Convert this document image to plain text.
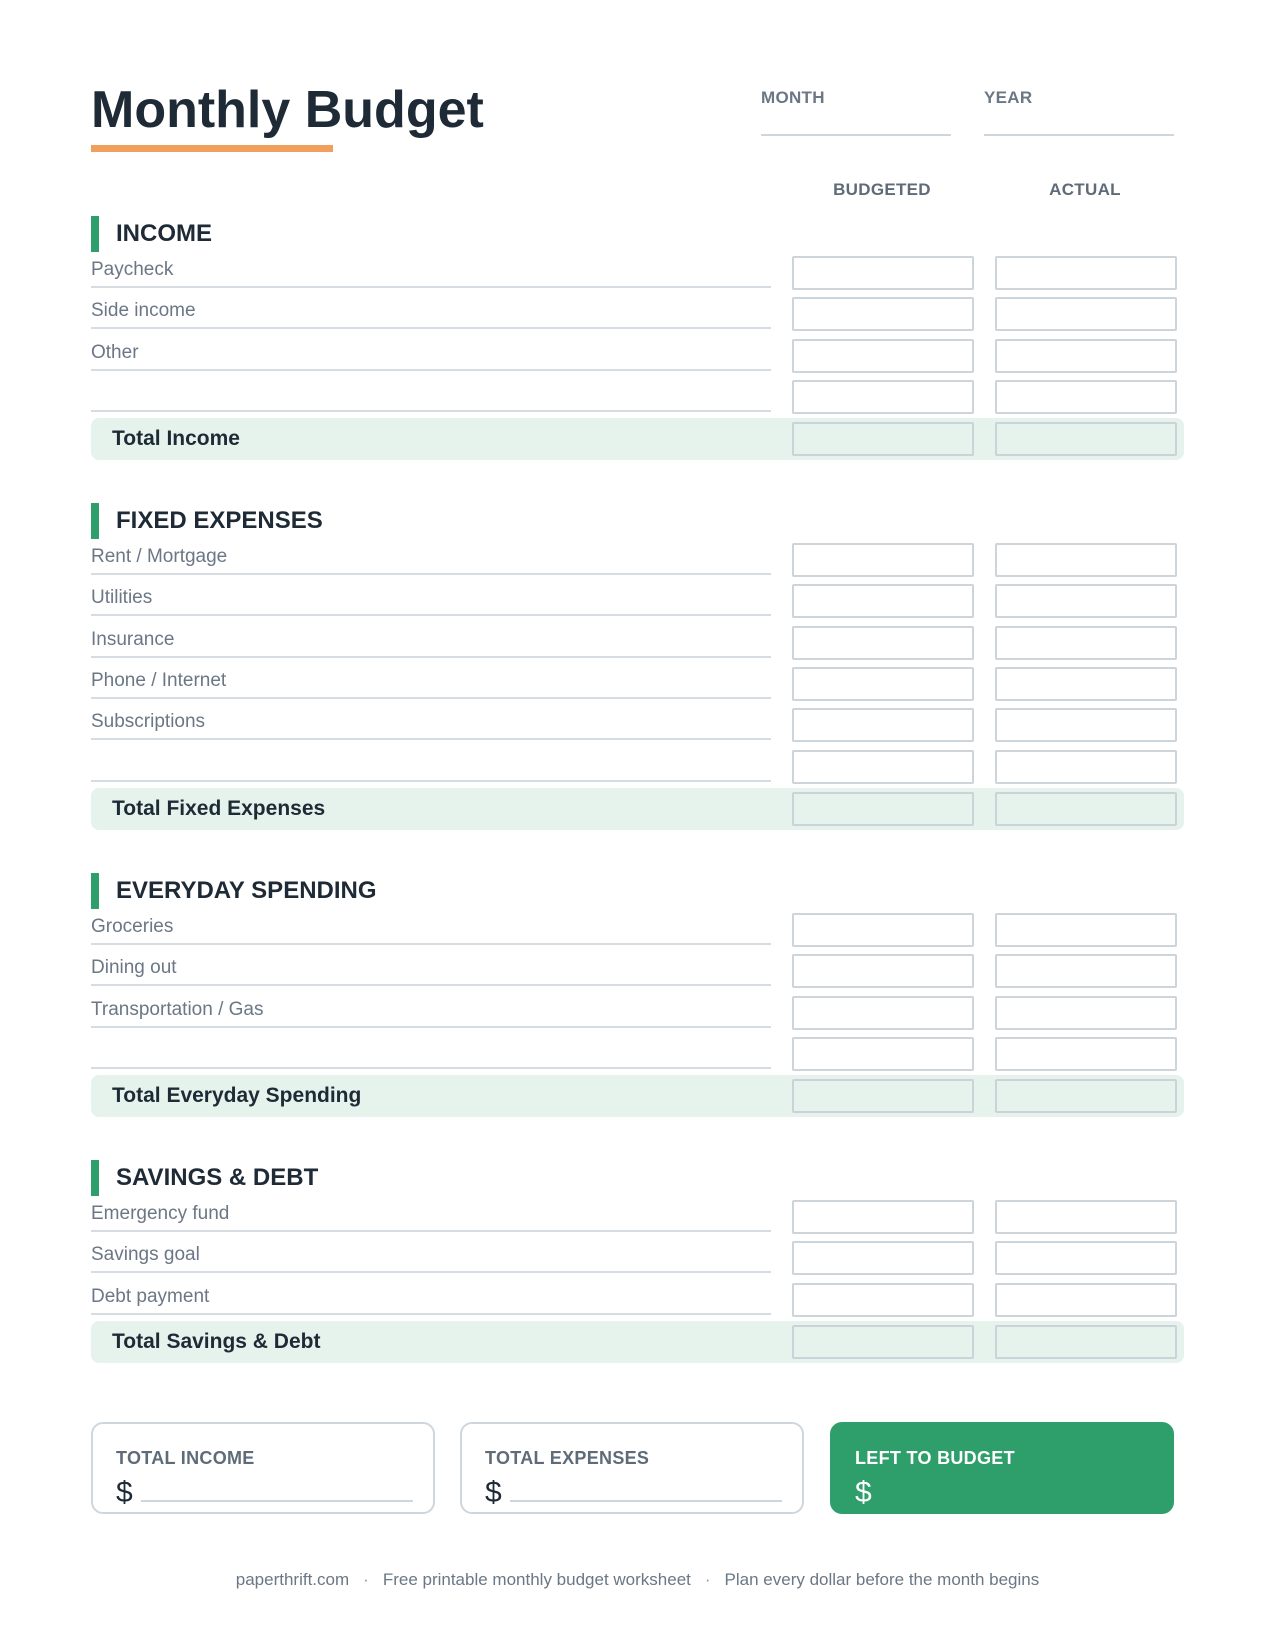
Monthly Budget	MONTH	YEAR
BUDGETED	ACTUAL
INCOME
Paycheck
Side income
Other
Total Income
FIXED EXPENSES
Rent / Mortgage
Utilities
Insurance
Phone / Internet
Subscriptions
Total Fixed Expenses
EVERYDAY SPENDING
Groceries
Dining out
Transportation / Gas
Total Everyday Spending
SAVINGS & DEBT
Emergency fund
Savings goal
Debt payment
Total Savings & Debt
TOTAL INCOME
$
TOTAL EXPENSES
$
LEFT TO BUDGET
$
paperthrift.com · Free printable monthly budget worksheet · Plan every dollar before the month begins
